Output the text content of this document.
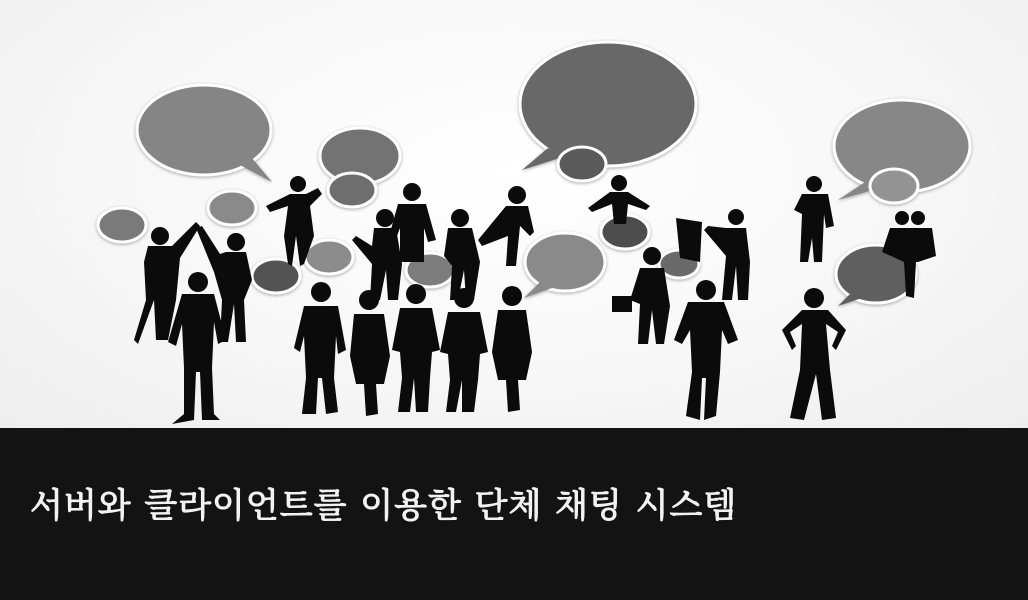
서버와 클라이언트를 이용한 단체 채팅 시스템
